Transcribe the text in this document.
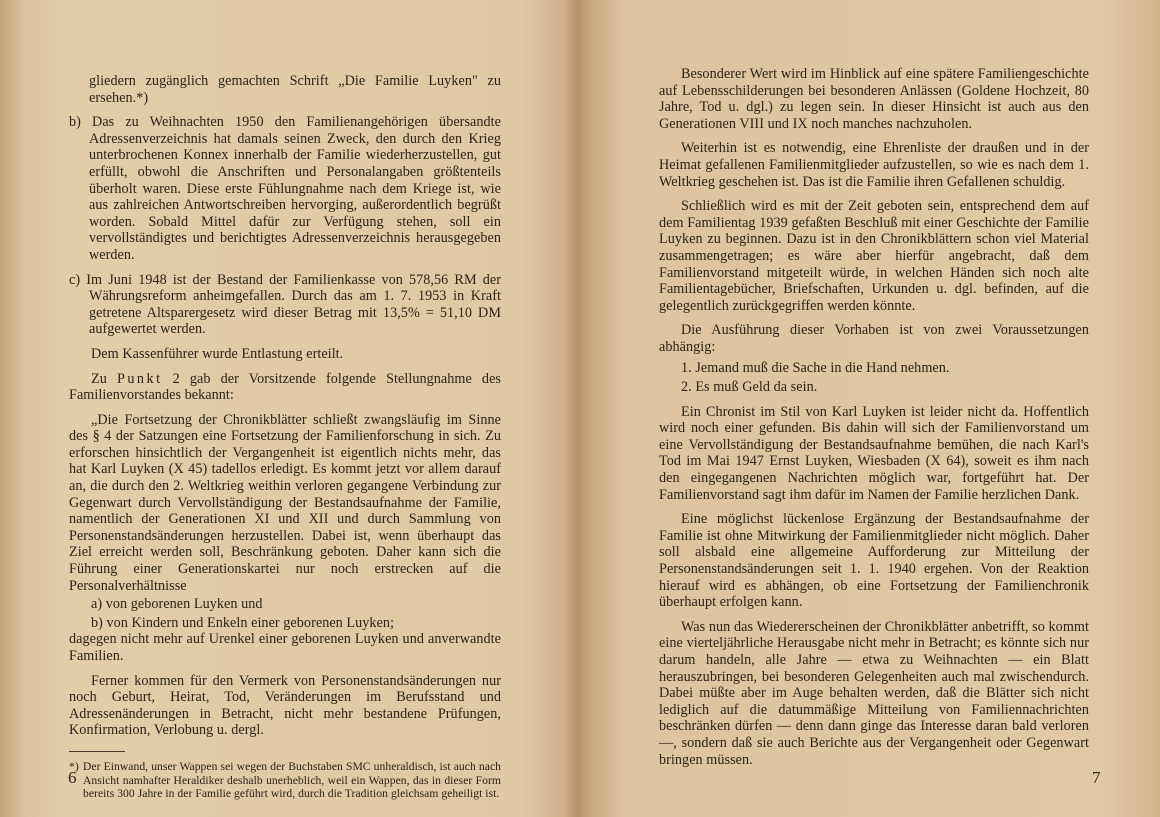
gliedern zugänglich gemachten Schrift „Die Familie Luyken" zu ersehen.*)

b) Das zu Weihnachten 1950 den Familienangehörigen übersandte Adressenverzeichnis hat damals seinen Zweck, den durch den Krieg unterbrochenen Konnex innerhalb der Familie wiederherzustellen, gut erfüllt, obwohl die Anschriften und Personalangaben größtenteils überholt waren. Diese erste Fühlungnahme nach dem Kriege ist, wie aus zahlreichen Antwortschreiben hervorging, außerordentlich begrüßt worden. Sobald Mittel dafür zur Verfügung stehen, soll ein vervollständigtes und berichtigtes Adressenverzeichnis herausgegeben werden.

c) Im Juni 1948 ist der Bestand der Familienkasse von 578,56 RM der Währungsreform anheimgefallen. Durch das am 1. 7. 1953 in Kraft getretene Altsparergesetz wird dieser Betrag mit 13,5% = 51,10 DM aufgewertet werden.

Dem Kassenführer wurde Entlastung erteilt.

Zu Punkt 2 gab der Vorsitzende folgende Stellungnahme des Familienvorstandes bekannt:

„Die Fortsetzung der Chronikblätter schließt zwangsläufig im Sinne des § 4 der Satzungen eine Fortsetzung der Familienforschung in sich. Zu erforschen hinsichtlich der Vergangenheit ist eigentlich nichts mehr, das hat Karl Luyken (X 45) tadellos erledigt. Es kommt jetzt vor allem darauf an, die durch den 2. Weltkrieg weithin verloren gegangene Verbindung zur Gegenwart durch Vervollständigung der Bestandsaufnahme der Familie, namentlich der Generationen XI und XII und durch Sammlung von Personenstandsänderungen herzustellen. Dabei ist, wenn überhaupt das Ziel erreicht werden soll, Beschränkung geboten. Daher kann sich die Führung einer Generationskartei nur noch erstrecken auf die Personalverhältnisse

a) von geborenen Luyken und

b) von Kindern und Enkeln einer geborenen Luyken;

dagegen nicht mehr auf Urenkel einer geborenen Luyken und anverwandte Familien.

Ferner kommen für den Vermerk von Personenstandsänderungen nur noch Geburt, Heirat, Tod, Veränderungen im Berufsstand und Adressenänderungen in Betracht, nicht mehr bestandene Prüfungen, Konfirmation, Verlobung u. dergl.

*) Der Einwand, unser Wappen sei wegen der Buchstaben SMC unheraldisch, ist auch nach Ansicht namhafter Heraldiker deshalb unerheblich, weil ein Wappen, das in dieser Form bereits 300 Jahre in der Familie geführt wird, durch die Tradition gleichsam geheiligt ist.

6

Besonderer Wert wird im Hinblick auf eine spätere Familiengeschichte auf Lebensschilderungen bei besonderen Anlässen (Goldene Hochzeit, 80 Jahre, Tod u. dgl.) zu legen sein. In dieser Hinsicht ist auch aus den Generationen VIII und IX noch manches nachzuholen.

Weiterhin ist es notwendig, eine Ehrenliste der draußen und in der Heimat gefallenen Familienmitglieder aufzustellen, so wie es nach dem 1. Weltkrieg geschehen ist. Das ist die Familie ihren Gefallenen schuldig.

Schließlich wird es mit der Zeit geboten sein, entsprechend dem auf dem Familientag 1939 gefaßten Beschluß mit einer Geschichte der Familie Luyken zu beginnen. Dazu ist in den Chronikblättern schon viel Material zusammengetragen; es wäre aber hierfür angebracht, daß dem Familienvorstand mitgeteilt würde, in welchen Händen sich noch alte Familientagebücher, Briefschaften, Urkunden u. dgl. befinden, auf die gelegentlich zurückgegriffen werden könnte.

Die Ausführung dieser Vorhaben ist von zwei Voraussetzungen abhängig:

1. Jemand muß die Sache in die Hand nehmen.

2. Es muß Geld da sein.

Ein Chronist im Stil von Karl Luyken ist leider nicht da. Hoffentlich wird noch einer gefunden. Bis dahin will sich der Familienvorstand um eine Vervollständigung der Bestandsaufnahme bemühen, die nach Karl's Tod im Mai 1947 Ernst Luyken, Wiesbaden (X 64), soweit es ihm nach den eingegangenen Nachrichten möglich war, fortgeführt hat. Der Familienvorstand sagt ihm dafür im Namen der Familie herzlichen Dank.

Eine möglichst lückenlose Ergänzung der Bestandsaufnahme der Familie ist ohne Mitwirkung der Familienmitglieder nicht möglich. Daher soll alsbald eine allgemeine Aufforderung zur Mitteilung der Personenstandsänderungen seit 1. 1. 1940 ergehen. Von der Reaktion hierauf wird es abhängen, ob eine Fortsetzung der Familienchronik überhaupt erfolgen kann.

Was nun das Wiedererscheinen der Chronikblätter anbetrifft, so kommt eine vierteljährliche Herausgabe nicht mehr in Betracht; es könnte sich nur darum handeln, alle Jahre — etwa zu Weihnachten — ein Blatt herauszubringen, bei besonderen Gelegenheiten auch mal zwischendurch. Dabei müßte aber im Auge behalten werden, daß die Blätter sich nicht lediglich auf die datummäßige Mitteilung von Familiennachrichten beschränken dürfen — denn dann ginge das Interesse daran bald verloren —, sondern daß sie auch Berichte aus der Vergangenheit oder Gegenwart bringen müssen.

7
